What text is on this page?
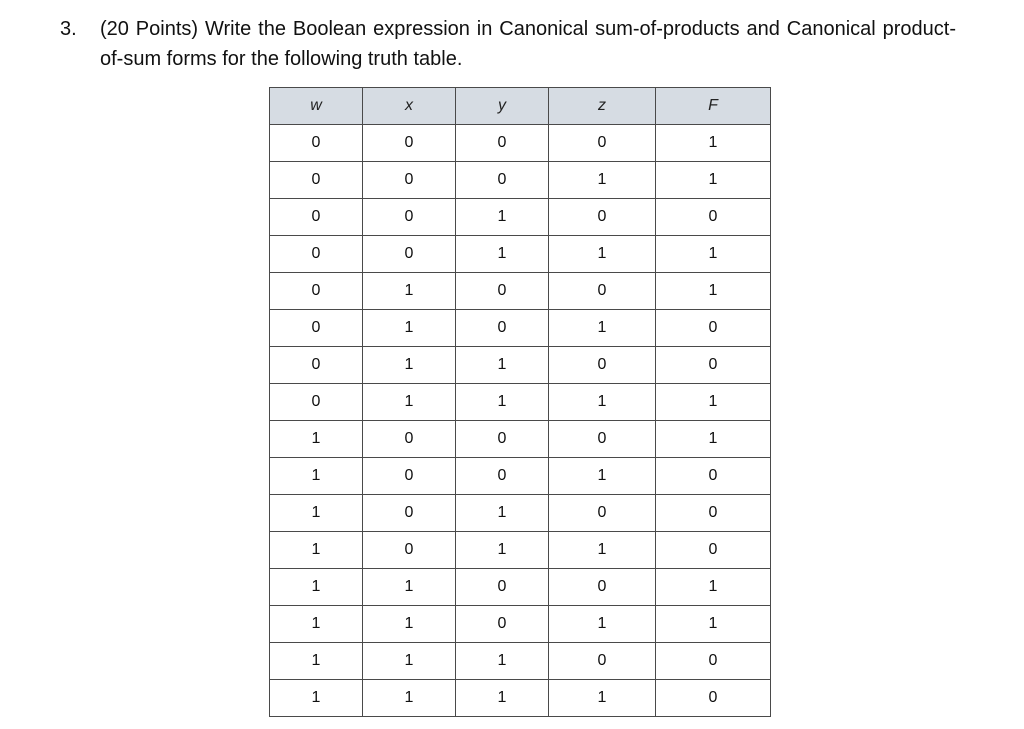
3. (20 Points) Write the Boolean expression in Canonical sum-of-products and Canonical product-of-sum forms for the following truth table.
w	x	y	z	F
0	0	0	0	1
0	0	0	1	1
0	0	1	0	0
0	0	1	1	1
0	1	0	0	1
0	1	0	1	0
0	1	1	0	0
0	1	1	1	1
1	0	0	0	1
1	0	0	1	0
1	0	1	0	0
1	0	1	1	0
1	1	0	0	1
1	1	0	1	1
1	1	1	0	0
1	1	1	1	0
